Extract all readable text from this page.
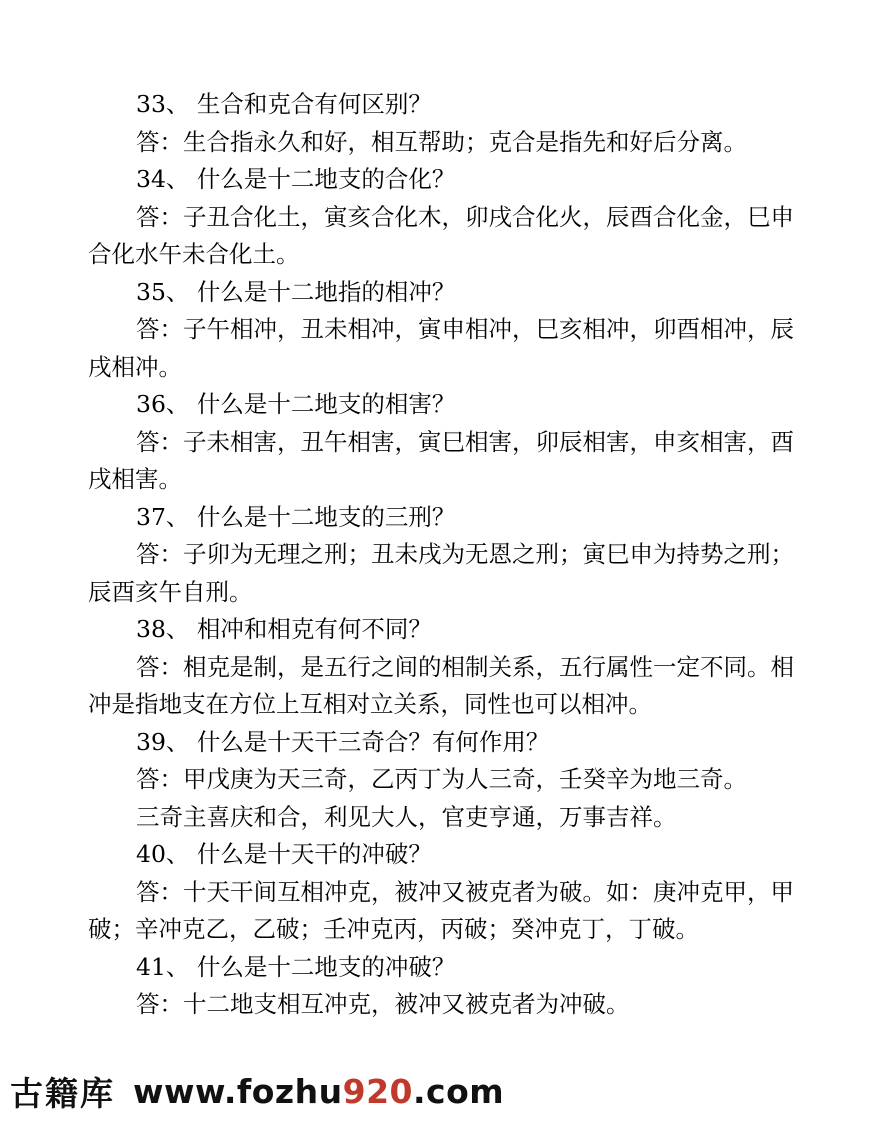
33、 生合和克合有何区别？

答：生合指永久和好，相互帮助；克合是指先和好后分离。

34、 什么是十二地支的合化？

答：子丑合化土，寅亥合化木，卯戌合化火，辰酉合化金，巳申合化水午未合化土。

35、 什么是十二地指的相冲？

答：子午相冲，丑未相冲，寅申相冲，巳亥相冲，卯酉相冲，辰戌相冲。

36、 什么是十二地支的相害？

答：子未相害，丑午相害，寅巳相害，卯辰相害，申亥相害，酉戌相害。

37、 什么是十二地支的三刑？

答：子卯为无理之刑；丑未戌为无恩之刑；寅巳申为持势之刑；辰酉亥午自刑。

38、 相冲和相克有何不同？

答：相克是制，是五行之间的相制关系，五行属性一定不同。相冲是指地支在方位上互相对立关系，同性也可以相冲。

39、 什么是十天干三奇合？有何作用？

答：甲戊庚为天三奇，乙丙丁为人三奇，壬癸辛为地三奇。

三奇主喜庆和合，利见大人，官吏亨通，万事吉祥。

40、 什么是十天干的冲破？

答：十天干间互相冲克，被冲又被克者为破。如：庚冲克甲，甲破；辛冲克乙，乙破；壬冲克丙，丙破；癸冲克丁，丁破。

41、 什么是十二地支的冲破？

答：十二地支相互冲克，被冲又被克者为冲破。

古籍库 www.fozhu 920 .com
